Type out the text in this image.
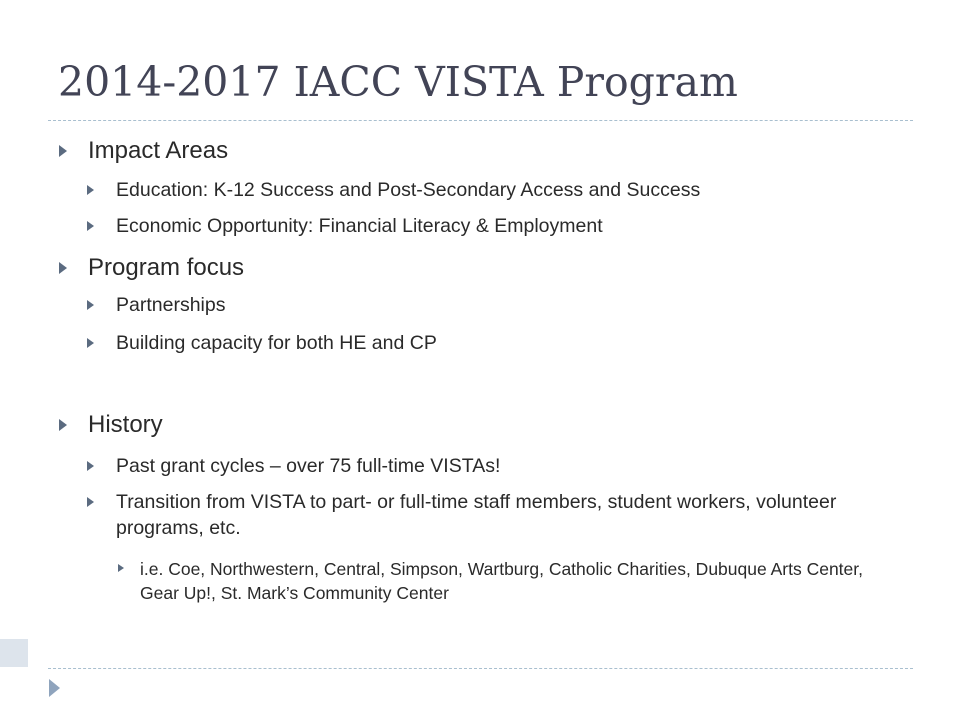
2014-2017 IACC VISTA Program
Impact Areas
Education: K-12 Success and Post-Secondary Access and Success
Economic Opportunity: Financial Literacy & Employment
Program focus
Partnerships
Building capacity for both HE and CP
History
Past grant cycles – over 75 full-time VISTAs!
Transition from VISTA to part- or full-time staff members, student workers, volunteer programs, etc.
i.e. Coe, Northwestern, Central, Simpson, Wartburg, Catholic Charities, Dubuque Arts Center, Gear Up!, St. Mark’s Community Center
